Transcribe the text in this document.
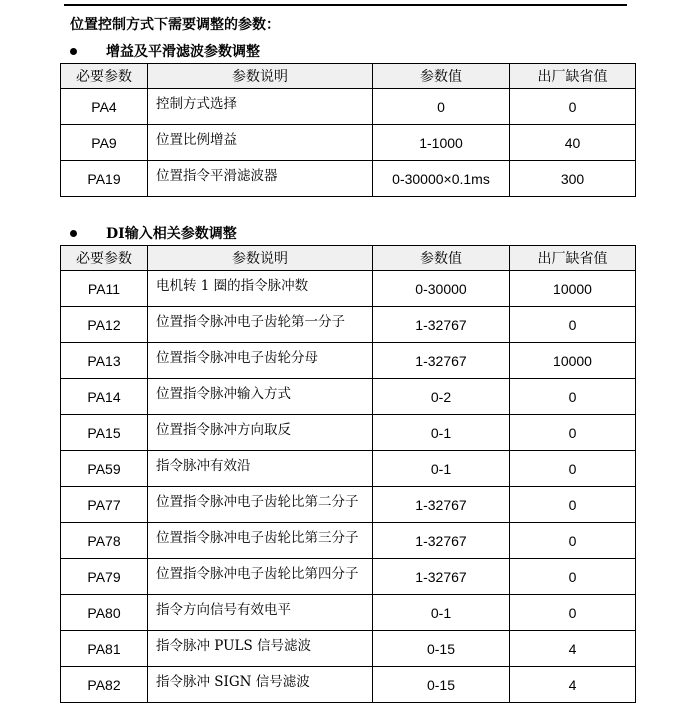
位置控制方式下需要调整的参数：
增益及平滑滤波参数调整
必要参数	参数说明	参数值	出厂缺省值
PA4	控制方式选择	0	0
PA9	位置比例增益	1-1000	40
PA19	位置指令平滑滤波器	0-30000×0.1ms	300
DI输入相关参数调整
必要参数	参数说明	参数值	出厂缺省值
PA11	电机转 1 圈的指令脉冲数	0-30000	10000
PA12	位置指令脉冲电子齿轮第一分子	1-32767	0
PA13	位置指令脉冲电子齿轮分母	1-32767	10000
PA14	位置指令脉冲输入方式	0-2	0
PA15	位置指令脉冲方向取反	0-1	0
PA59	指令脉冲有效沿	0-1	0
PA77	位置指令脉冲电子齿轮比第二分子	1-32767	0
PA78	位置指令脉冲电子齿轮比第三分子	1-32767	0
PA79	位置指令脉冲电子齿轮比第四分子	1-32767	0
PA80	指令方向信号有效电平	0-1	0
PA81	指令脉冲 PULS 信号滤波	0-15	4
PA82	指令脉冲 SIGN 信号滤波	0-15	4
